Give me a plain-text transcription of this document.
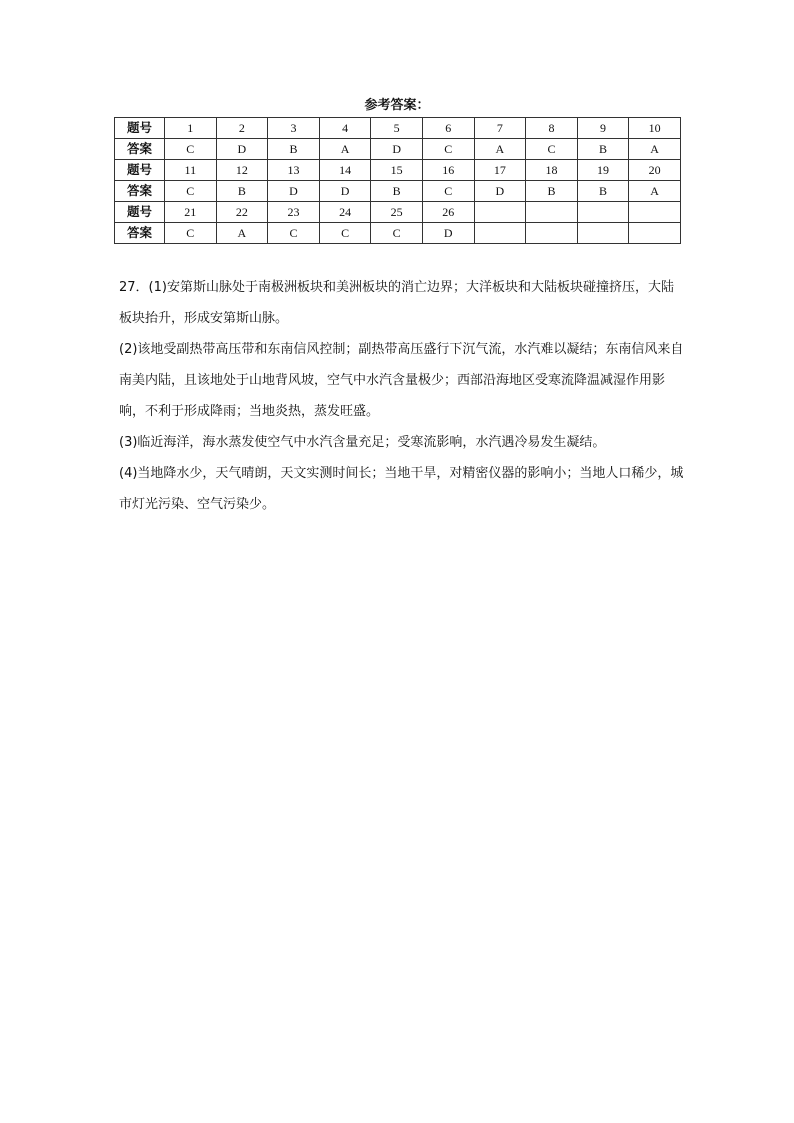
参考答案：
题号	1	2	3	4	5	6	7	8	9	10
答案	C	D	B	A	D	C	A	C	B	A
题号	11	12	13	14	15	16	17	18	19	20
答案	C	B	D	D	B	C	D	B	B	A
题号	21	22	23	24	25	26				
答案	C	A	C	C	C	D				

27．(1)安第斯山脉处于南极洲板块和美洲板块的消亡边界；大洋板块和大陆板块碰撞挤压，大陆板块抬升，形成安第斯山脉。

(2)该地受副热带高压带和东南信风控制；副热带高压盛行下沉气流，水汽难以凝结；东南信风来自南美内陆，且该地处于山地背风坡，空气中水汽含量极少；西部沿海地区受寒流降温减湿作用影响，不利于形成降雨；当地炎热，蒸发旺盛。

(3)临近海洋，海水蒸发使空气中水汽含量充足；受寒流影响，水汽遇冷易发生凝结。

(4)当地降水少，天气晴朗，天文实测时间长；当地干旱，对精密仪器的影响小；当地人口稀少，城市灯光污染、空气污染少。
